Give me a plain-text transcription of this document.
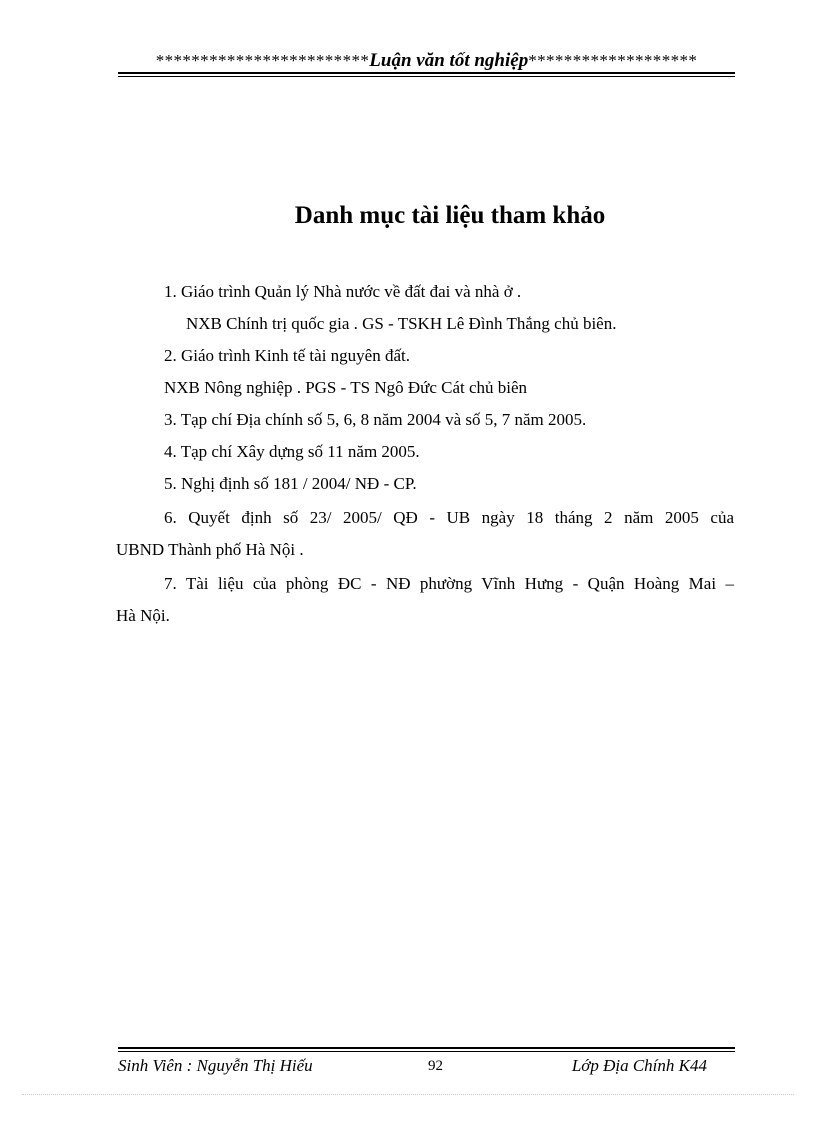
************************Luận văn tốt nghiệp*******************
Danh mục tài liệu tham khảo
1. Giáo trình Quản lý Nhà nước về đất đai và nhà ở .
NXB Chính trị quốc gia . GS - TSKH Lê Đình Thắng chủ biên.
2. Giáo trình Kinh tế tài nguyên đất.
NXB Nông nghiệp . PGS - TS Ngô Đức Cát chủ biên
3. Tạp chí Địa chính số 5, 6, 8 năm 2004 và số 5, 7 năm 2005.
4. Tạp chí Xây dựng số 11 năm 2005.
5. Nghị định số 181 / 2004/ NĐ - CP.
6. Quyết định số 23/ 2005/ QĐ - UB ngày 18 tháng 2 năm 2005 của
UBND Thành phố Hà Nội .
7. Tài liệu của phòng ĐC - NĐ phường Vĩnh Hưng - Quận Hoàng Mai –
Hà Nội.
Sinh Viên : Nguyễn Thị Hiếu	92	Lớp Địa Chính K44
